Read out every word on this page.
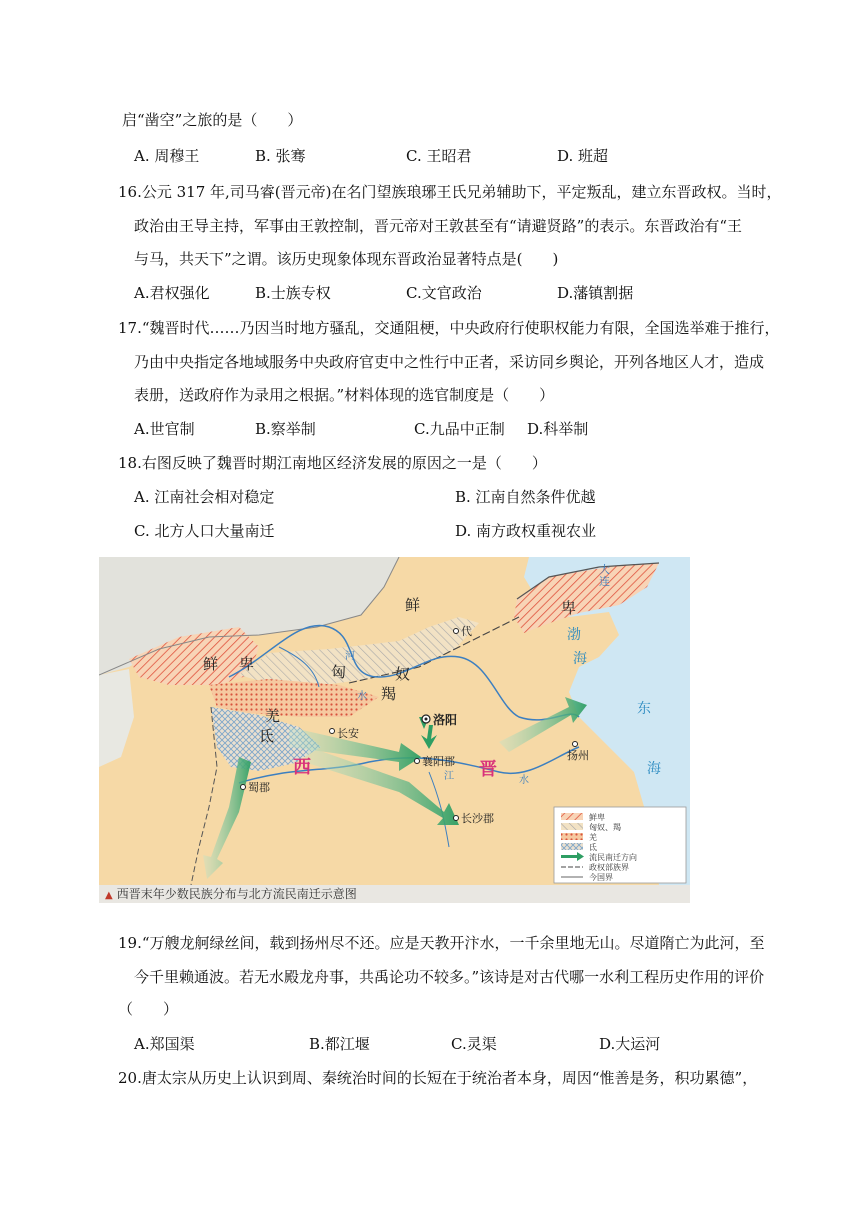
启“凿空”之旅的是（　　）
A. 周穆王	B. 张骞	C. 王昭君	D. 班超
16.公元 317 年,司马睿(晋元帝)在名门望族琅琊王氏兄弟辅助下，平定叛乱，建立东晋政权。当时，
政治由王导主持，军事由王敦控制，晋元帝对王敦甚至有“请避贤路”的表示。东晋政治有“王
与马，共天下”之谓。该历史现象体现东晋政治显著特点是(　　)
A.君权强化	B.士族专权	C.文官政治	D.藩镇割据
17.“魏晋时代……乃因当时地方骚乱，交通阻梗，中央政府行使职权能力有限，全国选举难于推行，
乃由中央指定各地域服务中央政府官吏中之性行中正者，采访同乡舆论，开列各地区人才，造成
表册，送政府作为录用之根据。”材料体现的选官制度是（　　）
A.世官制	B.察举制	C.九品中正制 D.科举制
18.右图反映了魏晋时期江南地区经济发展的原因之一是（　　）
A. 江南社会相对稳定	B. 江南自然条件优越
C. 北方人口大量南迁	D. 南方政权重视农业
大连
鲜	卑
鲜 卑	匈	奴
羯
羌
氐
河
水
代	渤
海
东
海
洛阳
长安
襄阳郡	扬州
蜀郡
长沙郡
江	水
西	晋
鲜卑
匈奴、羯
羌
氐
流民南迁方向
政权部族界
今国界
▲ 西晋末年少数民族分布与北方流民南迁示意图
19.“万艘龙舸绿丝间，载到扬州尽不还。应是天教开汴水，一千余里地无山。尽道隋亡为此河，至
今千里赖通波。若无水殿龙舟事，共禹论功不较多。”该诗是对古代哪一水利工程历史作用的评价
（　　）
A.郑国渠	B.都江堰	C.灵渠	D.大运河
20.唐太宗从历史上认识到周、秦统治时间的长短在于统治者本身，周因“惟善是务，积功累德”，
